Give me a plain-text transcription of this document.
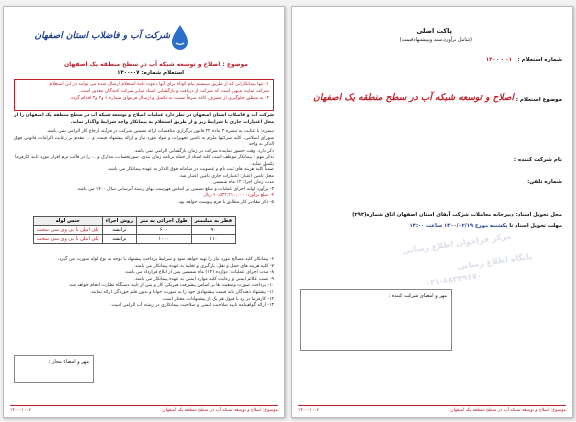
شرکت آب و فاضلاب استان اصفهان
موضوع : اصلاح و توسعه شبکه آب در سطح منطقه یک اصفهان
استعلام شماره: ۰۷-۱۴۰۰
۱- تنها پیمانکارانی که از طریق سیستم پیام کوتاه برای آنها دعوت نامه استعلام ارسال شده می توانند در این استعلام
شرکت نمایند بدیهی است که شرکت از دریافت و بازگشایی اسناد سایر شرکت کنندگان معذور است.
۲- به منظور جلوگیری از مصرف کاغذ صرفاً نسبت به تکمیل و ارسال فرمهای شماره ۱ و۲ و۳ اقدام گردد.
شرکت آب و فاضلاب استان اصفهان در نظر دارد عملیات اصلاح و توسعه شبکه آب در سطح منطقه یک اصفهان را از محل اعتبارات جاری با شرایط زیر و از طریق استعلام به پیمانکار واجد شرایط واگذار نماید.
تبصره: با عنایت به تبصره ۳ ماده ۲۲ قانون برگزاری مناقصات ارائه تضمین شرکت در فرآیند ارجاع کار الزامی نمی باشد.
شورای اسلامی، کلیه شرکتها ملزم به تامین تجهیزات و مواد مورد نیاز و ارائه پیشنهاد قیمت و ... مقدم بر رعایت الزامات قانونی فوق الذکر به واحد
ذکر دارد. وقت حضور نماینده شرکت در زمان بازگشایی الزامی نمی باشد.
تذکر مهم : پیمانکار موظف است کلیه اسناد از جمله برنامه زمان بندی، صورتحساب، مدارک و ... را در قالب نرم افزار مورد تایید کارفرما
تکمیل نماید.
ضمناً کلیه هزینه های ثبت نام و عضویت در سامانه فوق الذکر به عهده پیمانکار می باشد.
محل تامین اعتبار: اعتبارات جاری تامین اعتبار شد.
مدت زمان اجرا: ۱۲ ماه شمسی
۳- برآورد اولیه اجرای عملیات و مبلغ تضمین بر اساس فهرست بهای رسته آبرسانی سال ۱۴۰۰ می باشد.
۴- مبلغ برآورد: ۶۰,۵۳۲,۲۱۰,۰۰۰ ریال
۵- ذکر مقادیر کار مطابق با فرم پیوست خواهد بود.
قطر به میلیمتر	طول اجرائی به متر	روش اجراء	جنس لوله
۹۰	۶۰۰	ترانشه	پلی اتیلن با پی وی سی سخت
۱۱۰	۱۰۰۰	ترانشه	پلی اتیلن با پی وی سی سخت
۶- پیمانکار کلیه مصالح مورد نیاز را تهیه خواهد نمود و شرایط پرداخت پیشنهاد با توجه به نوع لوله صورت می گیرد.
۷- کلیه هزینه های حمل و نقل، بارگیری و تخلیه به عهده پیمانکار می باشد.
۸- مدت اجرای عملیات: دوازده (۱۲) ماه شمسی پس از ابلاغ قرارداد می باشد.
۹- نصب علائم ایمنی و رعایت کلیه موارد ایمنی به عهده پیمانکار می باشد.
۱۰- پرداخت صورت وضعیت ها بر اساس پیشرفت فیزیکی کار و پس از تایید دستگاه نظارت انجام خواهد شد.
۱۱- پیشنهاد دهندگان باید قیمت پیشنهادی خود را به صورت خوانا و بدون قلم خوردگی ارائه نمایند.
۱۲- کارفرما در رد یا قبول هر یک از پیشنهادات مختار است.
۱۳- ارائه گواهینامه تایید صلاحیت ایمنی و صلاحیت پیمانکاری در رشته آب الزامی است.
مهر و امضاء مجاز :
موضوع: اصلاح و توسعه شبکه آب در سطح منطقه یک اصفهان
۱۴۰۰-۱۰۰۷
پاکت اصلی
(شامل برآورد،سند ویپیشنهادقیمت)
شماره استعلام :
۰۱ - ۱۴۰۰
موضوع استعلام :
اصلاح و توسعه شبکه آب در سطح منطقه یک اصفهان
نام شرکت کننده :
شماره تلفن:
محل تحویل اسناد: دبیرخانه معاملات شرکت آبفای استان اصفهان اتاق شماره(۲۹۳)
مهلت تحویل اسناد تا یکشنبه مورخ ۱۴۰۰/۰۲/۱۹ ساعت ۱۴:۰۰
مرکز فراخوان اطلاع رسانی
پایگاه اطلاع رسانی
۰۲۱-۸۸۳۴۹۶۷۰
مهر و امضای شرکت کننده :
موضوع: اصلاح و توسعه شبکه آب در سطح منطقه یک اصفهان
۱۴۰۰-۱۰۰۷
